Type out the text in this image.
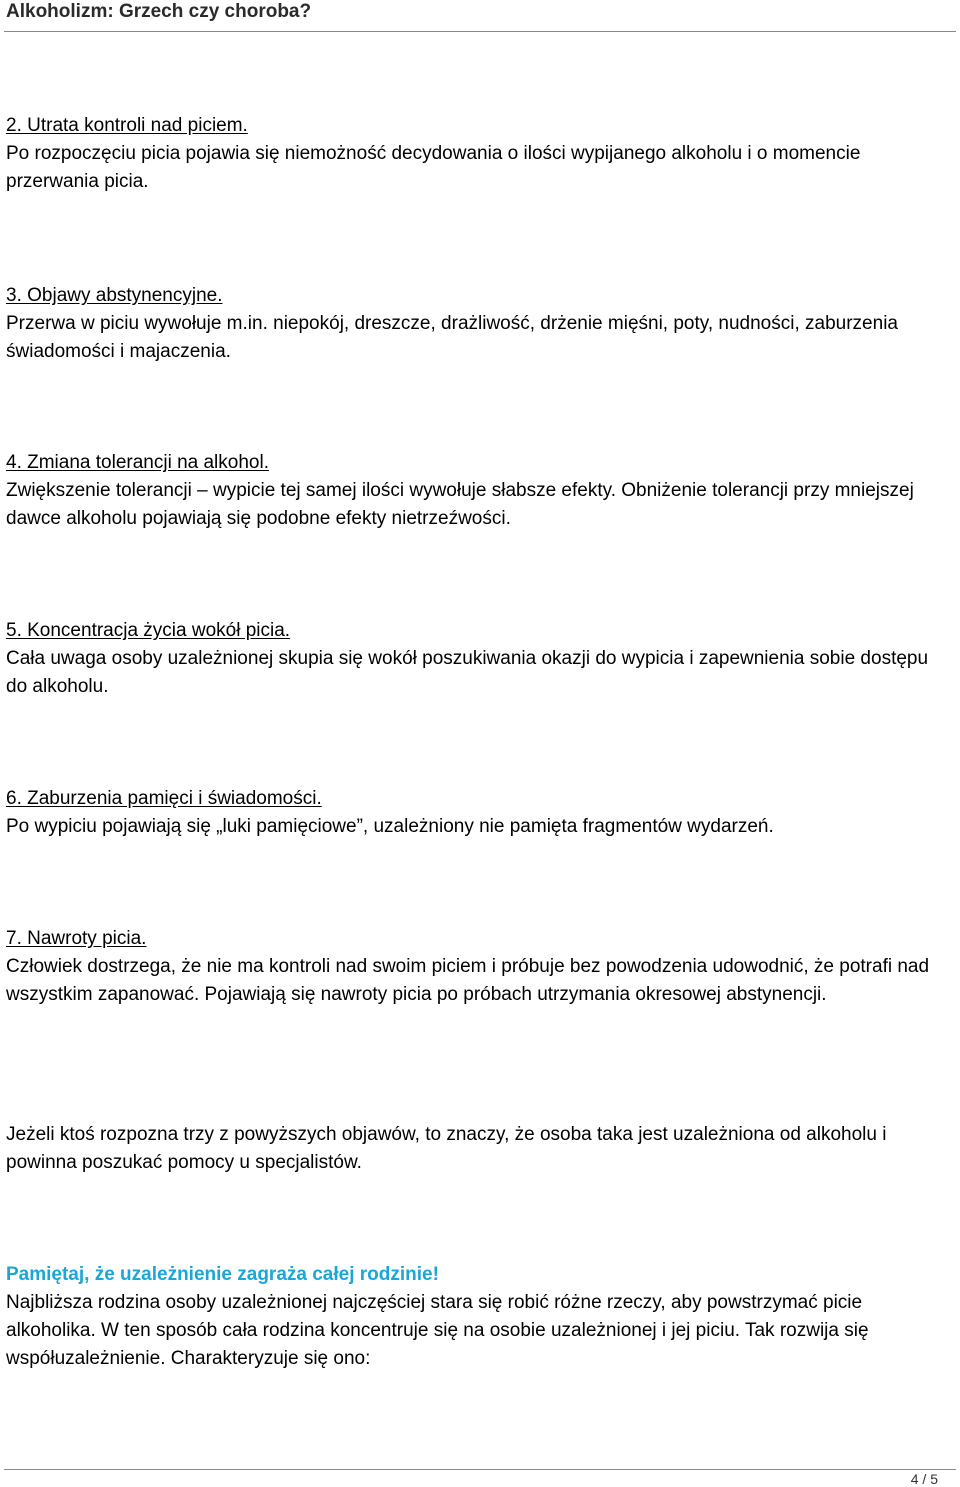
Alkoholizm: Grzech czy choroba?
2. Utrata kontroli nad piciem.
Po rozpoczęciu picia pojawia się niemożność decydowania o ilości wypijanego alkoholu i o momencie przerwania picia.
3. Objawy abstynencyjne.
Przerwa w piciu wywołuje m.in. niepokój, dreszcze, drażliwość, drżenie mięśni, poty, nudności, zaburzenia świadomości i majaczenia.
4. Zmiana tolerancji na alkohol.
Zwiększenie tolerancji – wypicie tej samej ilości wywołuje słabsze efekty. Obniżenie tolerancji przy mniejszej dawce alkoholu pojawiają się podobne efekty nietrzeźwości.
5. Koncentracja życia wokół picia.
Cała uwaga osoby uzależnionej skupia się wokół poszukiwania okazji do wypicia i zapewnienia sobie dostępu do alkoholu.
6. Zaburzenia pamięci i świadomości.
Po wypiciu pojawiają się „luki pamięciowe”, uzależniony nie pamięta fragmentów wydarzeń.
7. Nawroty picia.
Człowiek dostrzega, że nie ma kontroli nad swoim piciem i próbuje bez powodzenia udowodnić, że potrafi nad wszystkim zapanować. Pojawiają się nawroty picia po próbach utrzymania okresowej abstynencji.
Jeżeli ktoś rozpozna trzy z powyższych objawów, to znaczy, że osoba taka jest uzależniona od alkoholu i powinna poszukać pomocy u specjalistów.
Pamiętaj, że uzależnienie zagraża całej rodzinie!
Najbliższa rodzina osoby uzależnionej najczęściej stara się robić różne rzeczy, aby powstrzymać picie alkoholika. W ten sposób cała rodzina koncentruje się na osobie uzależnionej i jej piciu. Tak rozwija się współuzależnienie. Charakteryzuje się ono:
4 / 5
